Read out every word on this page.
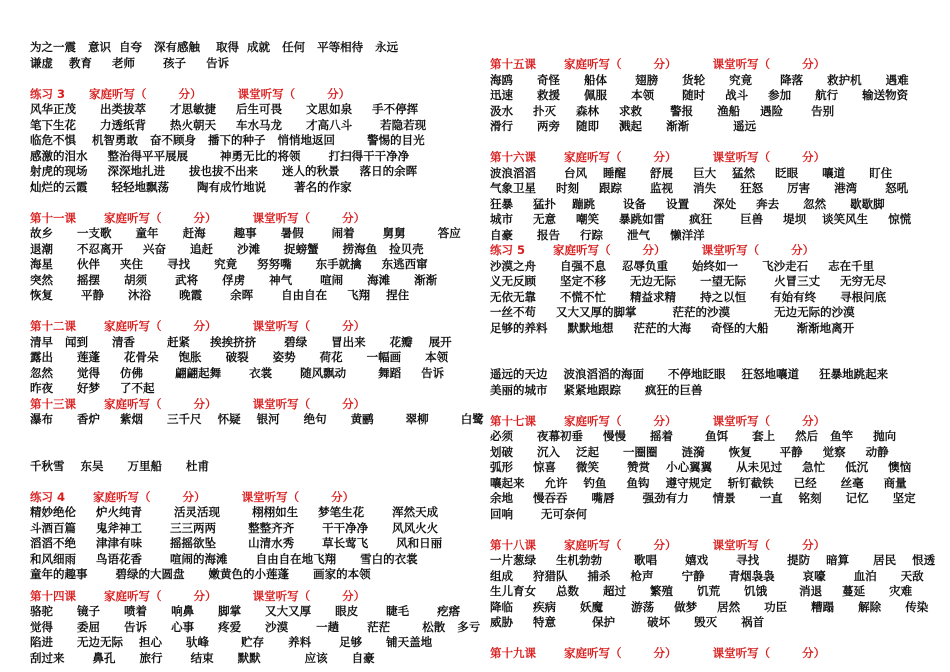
为之一震   意识  自夸   深有感触    取得  成就   任何   平等相待   永远
谦虚    教育     老师       孩子     告诉
练习 3      家庭听写（        分）         课堂听写（        分）
风华正茂      出类拔萃      才思敏捷     后生可畏      文思如泉     手不停挥
笔下生花      力透纸背      热火朝天     车水马龙      才高八斗       若隐若现
临危不惧    机智勇敢   奋不顾身   播下的种子   悄悄地返回        警惕的目光
感激的泪水     整治得平平展展        神勇无比的将领       打扫得干干净净
射虎的现场     深深地扎进      拔也拔不出来      迷人的秋景     落日的余晖
灿烂的云霞      轻轻地飘荡       陶有成竹地说       著名的作家
第十一课       家庭听写（        分）         课堂听写（        分）
故乡      一支歌      童年      赶海       趣事      暑假       闹着       舅舅        答应
退潮      不忍离开     兴奋      追赶      沙滩      捉螃蟹      捞海鱼   捡贝壳
海星      伙伴     夹住      寻找      究竟     努努嘴      东手就擒     东逃西窜
突然      摇摆      胡须       武将      俘虏      神气       喧闹      海滩      渐渐
恢复       平静      沐浴       晚霞       余晖       自由自在     飞翔    捏住
第十二课       家庭听写（        分）         课堂听写（        分）
清早   闻到      清香        赶紧     挨挨挤挤       碧绿      冒出来      花瓣    展开
露出      莲蓬      花骨朵     饱胀      破裂      姿势      荷花      一幅画      本领
忽然      觉得     仿佛        翩翩起舞       衣裳       随风飘动        舞蹈     告诉
昨夜      好梦     了不起
第十三课       家庭听写（        分）         课堂听写（        分）
瀑布      香炉     紫烟      三千尺    怀疑    银河      绝句      黄鹂        翠柳        白鹭
千秋雪    东吴      万里船      杜甫
练习 4       家庭听写（        分）         课堂听写（        分）
精妙绝伦     炉火纯青        活灵活现        栩栩如生     梦笔生花       浑然天成
斗酒百篇     鬼斧神工       三三两两        整整齐齐       干干净净      风风火火
滔滔不绝     津津有味       摇摇欲坠        山清水秀       草长莺飞       风和日丽
和风细雨     鸟语花香       喧闹的海滩       自由自在地飞翔      雪白的衣裳
童年的趣事       碧绿的大圆盘      嫩黄色的小莲蓬      画家的本领
第十四课       家庭听写（        分）         课堂听写（        分）
骆驼      镜子      喷着      响鼻      脚掌      又大又厚      眼皮       睫毛       疙瘩
觉得      委屈      告诉      心事      疼爱      沙漠       一趟       茫茫        松散   多亏
陷进      无边无际    担心      驮峰        贮存      养料       足够      铺天盖地
刮过来       鼻孔      旅行       结束      默默           应该      自豪
第十五课       家庭听写（        分）         课堂听写（        分）
海鸥      奇怪      船体       翅膀      货轮      究竟       降落      救护机      遇难
迅速      救援      佩服      本领       随时     战斗     参加      航行      输送物资
汲水     扑灭     森林     求救       警报      渔船     遇险       告别
滑行      两旁    随即     溅起      渐渐           遥远
第十六课       家庭听写（        分）         课堂听写（        分）
波浪滔滔       台风    睡醒      舒展     巨大    猛然     眨眼      嚷道      盯住
气象卫星     时刻     跟踪       监视     消失      狂怒      厉害      港湾       怒吼
狂暴     猛扑    蹦跳       设备     设置      深处     奔去      忽然      歇歇脚
城市     无意     嘲笑     暴跳如雷      疯狂       巨兽     堤坝    谈笑风生     惊慌
自豪      报告     行踪      泄气     懒洋洋
练习 5       家庭听写（        分）         课堂听写（        分）
沙漠之舟      自强不息    忍辱负重      始终如一      飞沙走石     志在千里
义无反顾      坚定不移      无边无际      一望无际       火冒三丈     无穷无尽
无依无靠      不慌不忙      精益求精      持之以恒      有始有终      寻根问底
一丝不苟     又大又厚的脚掌         茫茫的沙漠           无边无际的沙漠
足够的养料     默默地想     茫茫的大海     奇怪的大船       渐渐地离开
遥远的天边    波浪滔滔的海面      不停地眨眼    狂怒地嚷道     狂暴地跳起来
美丽的城市    紧紧地跟踪      疯狂的巨兽
第十七课       家庭听写（        分）         课堂听写（        分）
必须      夜幕初垂     慢慢      摇着        鱼饵      套上     然后   鱼竿     抛向
划破      沉入    泛起      一圈圈      涟漪      恢复       平静     觉察     动静
弧形     惊喜     微笑       赞赏    小心翼翼      从未见过     急忙     低沉     懊恼
嚷起来     允许    钓鱼     鱼钩    遵守规定    斩钉截铁     已经      丝毫     商量
余地     慢吞吞      嘴唇       强劲有力      情景      一直    铭刻      记忆      坚定
回响       无可奈何
第十八课       家庭听写（        分）         课堂听写（        分）
一片葱绿     生机勃勃        歌唱       嬉戏       寻找       提防    暗算      居民    恨透
组成     狩猎队     捕杀     枪声       宁静      青烟袅袅       哀嚎       血泊      天敌
生儿育女     总数      超过      繁殖      饥荒      饥饿        消退     蔓延      灾难
降临     疾病      妖魔       游荡     做梦     居然      功臣      糟蹋      解除      传染
威胁     特意         保护        破坏      毁灭      祸首
第十九课       家庭听写（        分）         课堂听写（        分）
